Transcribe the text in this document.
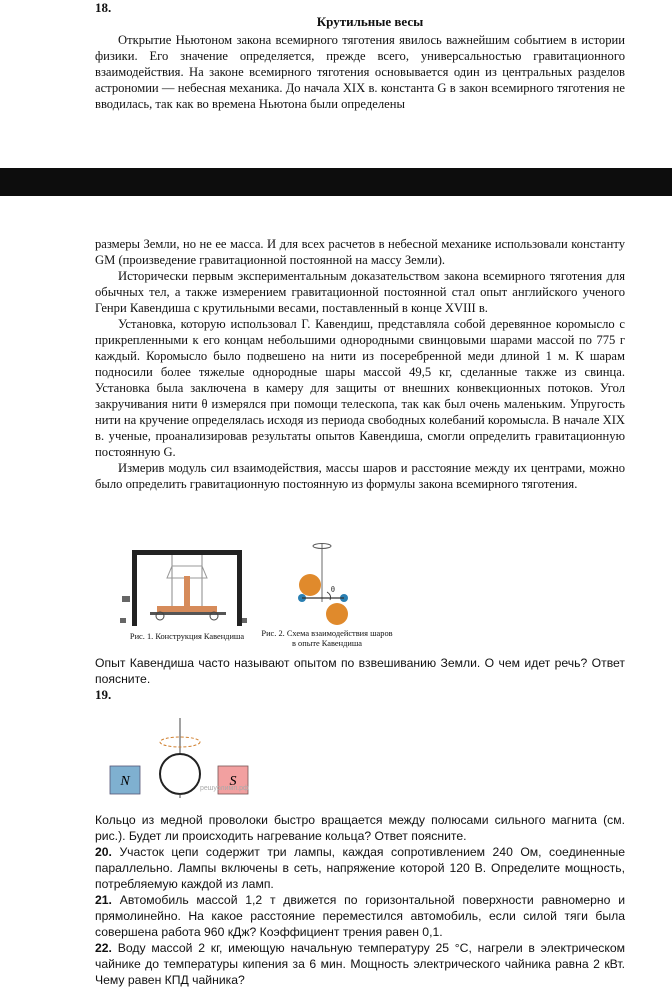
18.
Крутильные весы

Открытие Ньютоном закона всемирного тяготения явилось важнейшим событием в истории физики. Его значение определяется, прежде всего, универсальностью гравитационного взаимодействия. На законе всемирного тяготения основывается один из центральных разделов астрономии — небесная механика. До начала XIX в. константа G в закон всемирного тяготения не вводилась, так как во времена Ньютона были определены

размеры Земли, но не ее масса. И для всех расчетов в небесной механике использовали константу GM (произведение гравитационной постоянной на массу Земли).

Исторически первым экспериментальным доказательством закона всемирного тяготения для обычных тел, а также измерением гравитационной постоянной стал опыт английского ученого Генри Кавендиша с крутильными весами, поставленный в конце XVIII в.

Установка, которую использовал Г. Кавендиш, представляла собой деревянное коромысло с прикрепленными к его концам небольшими однородными свинцовыми шарами массой по 775 г каждый. Коромысло было подвешено на нити из посеребренной меди длиной 1 м. К шарам подносили более тяжелые однородные шары массой 49,5 кг, сделанные также из свинца. Установка была заключена в камеру для защиты от внешних конвекционных потоков. Угол закручивания нити θ измерялся при помощи телескопа, так как был очень маленьким. Упругость нити на кручение определялась исходя из периода свободных колебаний коромысла. В начале XIX в. ученые, проанализировав результаты опытов Кавендиша, смогли определить гравитационную постоянную G.

Измерив модуль сил взаимодействия, массы шаров и расстояние между их центрами, можно было определить гравитационную постоянную из формулы закона всемирного тяготения.

Рис. 1. Конструкция Кавендиша
θ
Рис. 2. Схема взаимодействия шаров
в опыте Кавендиша

Опыт Кавендиша часто называют опытом по взвешиванию Земли. О чем идет речь? Ответ поясните.

19.
N	S
решуолимп.рф

Кольцо из медной проволоки быстро вращается между полюсами сильного магнита (см. рис.). Будет ли происходить нагревание кольца? Ответ поясните.

20. Участок цепи содержит три лампы, каждая сопротивлением 240 Ом, соединенные параллельно. Лампы включены в сеть, напряжение которой 120 В. Определите мощность, потребляемую каждой из ламп.

21. Автомобиль массой 1,2 т движется по горизонтальной поверхности равномерно и прямолинейно. На какое расстояние переместился автомобиль, если силой тяги была совершена работа 960 кДж? Коэффициент трения равен 0,1.

22. Воду массой 2 кг, имеющую начальную температуру 25 °С, нагрели в электрическом чайнике до температуры кипения за 6 мин. Мощность электрического чайника равна 2 кВт. Чему равен КПД чайника?
